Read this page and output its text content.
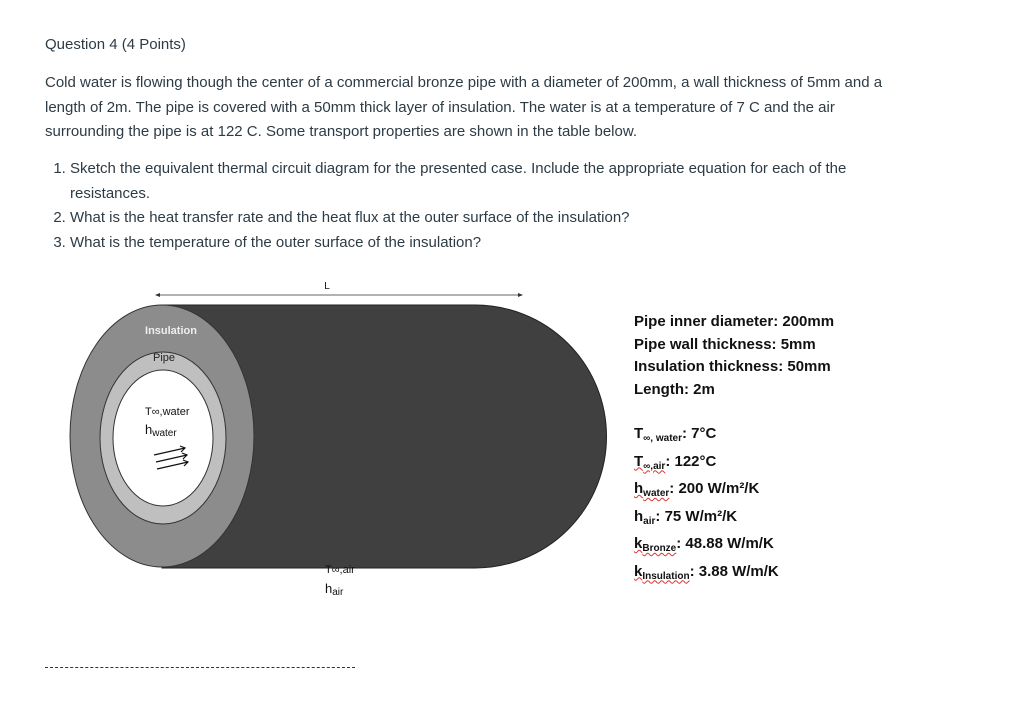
Question 4 (4 Points)
Cold water is flowing though the center of a commercial bronze pipe with a diameter of 200mm, a wall thickness of 5mm and a length of 2m. The pipe is covered with a 50mm thick layer of insulation. The water is at a temperature of 7 C and the air surrounding the pipe is at 122 C. Some transport properties are shown in the table below.
1. Sketch the equivalent thermal circuit diagram for the presented case. Include the appropriate equation for each of the resistances.
2. What is the heat transfer rate and the heat flux at the outer surface of the insulation?
3. What is the temperature of the outer surface of the insulation?
L
Insulation
Pipe
T∞,water
hwater
T∞,air
hair
Pipe inner diameter: 200mm
Pipe wall thickness: 5mm
Insulation thickness: 50mm
Length: 2m
$T_{\infty, water}$: 7°C
$T_{\infty,air}$: 122°C
$h_{water}$: 200 W/m²/K
$h_{air}$: 75 W/m²/K
$k_{Bronze}$: 48.88 W/m/K
$k_{Insulation}$: 3.88 W/m/K
